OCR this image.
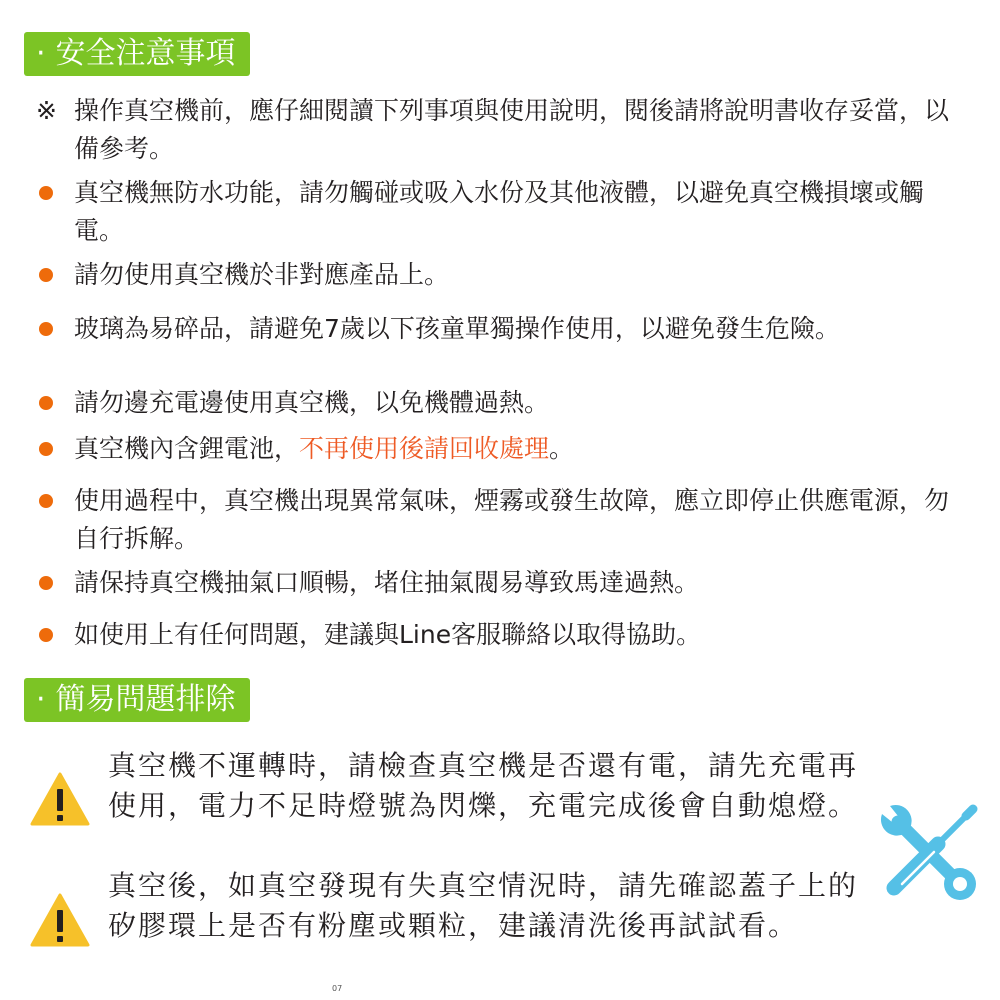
· 安全注意事項
※ 操作真空機前，應仔細閱讀下列事項與使用說明，閱後請將說明書收存妥當，以備參考。
真空機無防水功能，請勿觸碰或吸入水份及其他液體，以避免真空機損壞或觸電。
請勿使用真空機於非對應產品上。
玻璃為易碎品，請避免7歲以下孩童單獨操作使用，以避免發生危險。
請勿邊充電邊使用真空機，以免機體過熱。
真空機內含鋰電池，不再使用後請回收處理。
使用過程中，真空機出現異常氣味，煙霧或發生故障，應立即停止供應電源，勿自行拆解。
請保持真空機抽氣口順暢，堵住抽氣閥易導致馬達過熱。
如使用上有任何問題，建議與Line客服聯絡以取得協助。
· 簡易問題排除
真空機不運轉時，請檢查真空機是否還有電，請先充電再使用，電力不足時燈號為閃爍，充電完成後會自動熄燈。
真空後，如真空發現有失真空情況時，請先確認蓋子上的矽膠環上是否有粉塵或顆粒，建議清洗後再試試看。
07
